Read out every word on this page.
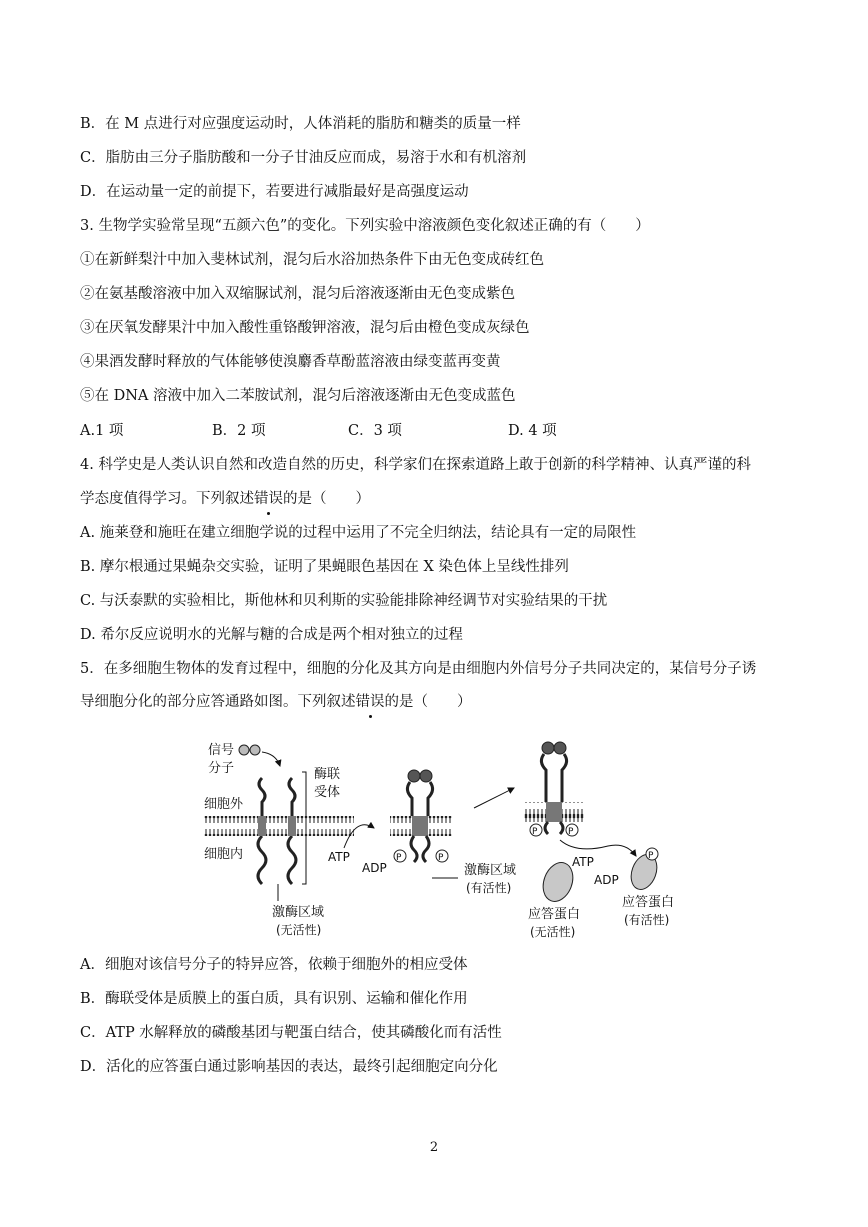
B．在 M 点进行对应强度运动时，人体消耗的脂肪和糖类的质量一样
C．脂肪由三分子脂肪酸和一分子甘油反应而成，易溶于水和有机溶剂
D．在运动量一定的前提下，若要进行减脂最好是高强度运动
3. 生物学实验常呈现“五颜六色”的变化。下列实验中溶液颜色变化叙述正确的有（　　）
①在新鲜梨汁中加入斐林试剂，混匀后水浴加热条件下由无色变成砖红色
②在氨基酸溶液中加入双缩脲试剂，混匀后溶液逐渐由无色变成紫色
③在厌氧发酵果汁中加入酸性重铬酸钾溶液，混匀后由橙色变成灰绿色
④果酒发酵时释放的气体能够使溴麝香草酚蓝溶液由绿变蓝再变黄
⑤在 DNA 溶液中加入二苯胺试剂，混匀后溶液逐渐由无色变成蓝色
A.1 项	B．2 项	C．3 项	D. 4 项
4. 科学史是人类认识自然和改造自然的历史，科学家们在探索道路上敢于创新的科学精神、认真严谨的科
学态度值得学习。下列叙述错误的是（　　）
A. 施莱登和施旺在建立细胞学说的过程中运用了不完全归纳法，结论具有一定的局限性
B. 摩尔根通过果蝇杂交实验，证明了果蝇眼色基因在 X 染色体上呈线性排列
C. 与沃泰默的实验相比，斯他林和贝利斯的实验能排除神经调节对实验结果的干扰
D. 希尔反应说明水的光解与糖的合成是两个相对独立的过程
5．在多细胞生物体的发育过程中，细胞的分化及其方向是由细胞内外信号分子共同决定的，某信号分子诱
导细胞分化的部分应答通路如图。下列叙述错误的是（　　）
信号
分子
细胞外
细胞内
酶联
受体
激酶区域
(无活性)
ATP
ADP
P	P
激酶区域
(有活性)
P	P
ATP
ADP
P
应答蛋白
(无活性)
应答蛋白
(有活性)
A．细胞对该信号分子的特异应答，依赖于细胞外的相应受体
B．酶联受体是质膜上的蛋白质，具有识别、运输和催化作用
C．ATP 水解释放的磷酸基团与靶蛋白结合，使其磷酸化而有活性
D．活化的应答蛋白通过影响基因的表达，最终引起细胞定向分化
2
